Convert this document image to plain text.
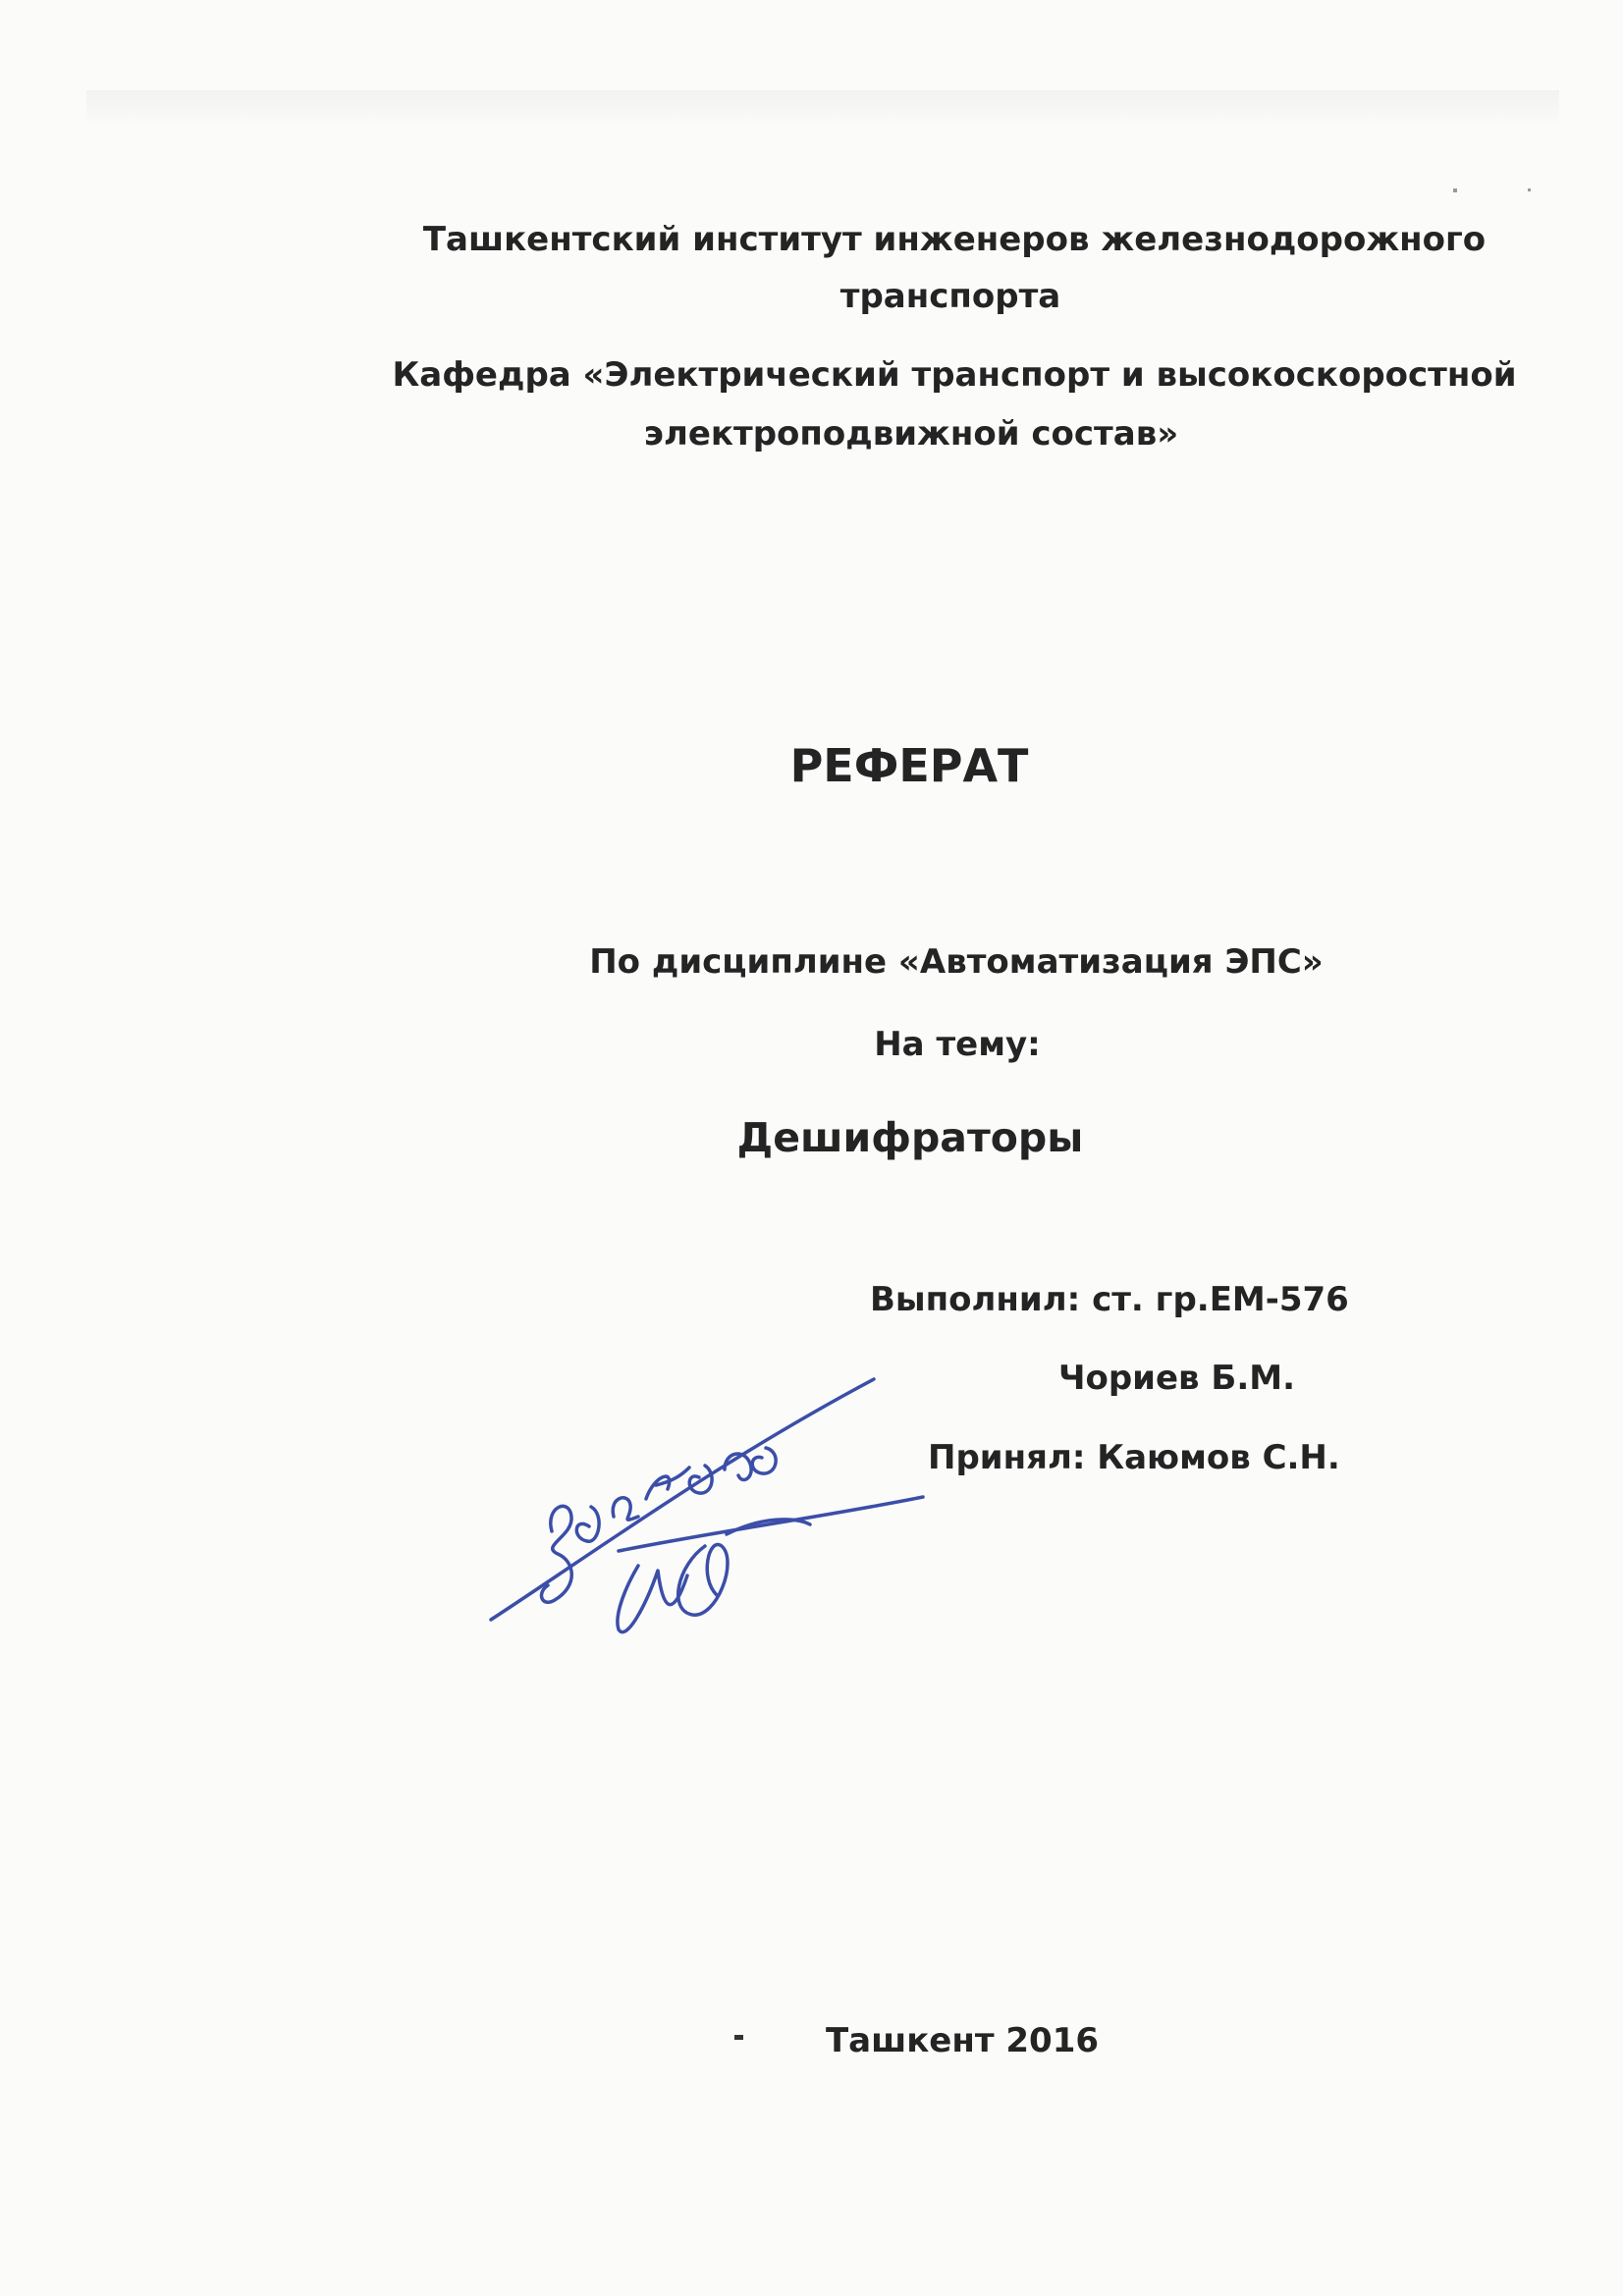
Ташкентский институт инженеров железнодорожного
транспорта
Кафедра «Электрический транспорт и высокоскоростной
электроподвижной состав»
РЕФЕРАТ
По дисциплине «Автоматизация ЭПС»
На тему:
Дешифраторы
Выполнил: ст. гр.ЕМ-576
Чориев Б.М.
Принял: Каюмов С.Н.
Ташкент 2016
